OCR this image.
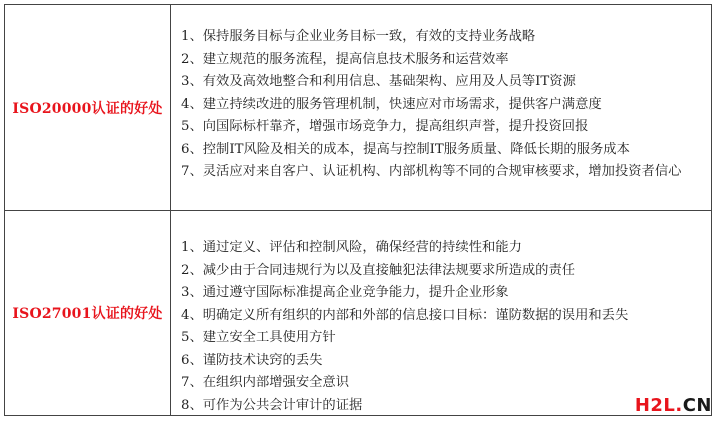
ISO20000认证的好处
1、保持服务目标与企业业务目标一致，有效的支持业务战略
2、建立规范的服务流程，提高信息技术服务和运营效率
3、有效及高效地整合和利用信息、基础架构、应用及人员等IT资源
4、建立持续改进的服务管理机制，快速应对市场需求，提供客户满意度
5、向国际标杆靠齐，增强市场竞争力，提高组织声誉，提升投资回报
6、控制IT风险及相关的成本，提高与控制IT服务质量、降低长期的服务成本
7、灵活应对来自客户、认证机构、内部机构等不同的合规审核要求，增加投资者信心
ISO27001认证的好处
1、通过定义、评估和控制风险，确保经营的持续性和能力
2、减少由于合同违规行为以及直接触犯法律法规要求所造成的责任
3、通过遵守国际标准提高企业竞争能力，提升企业形象
4、明确定义所有组织的内部和外部的信息接口目标：谨防数据的误用和丢失
5、建立安全工具使用方针
6、谨防技术诀窍的丢失
7、在组织内部增强安全意识
8、可作为公共会计审计的证据	H2L.CN
